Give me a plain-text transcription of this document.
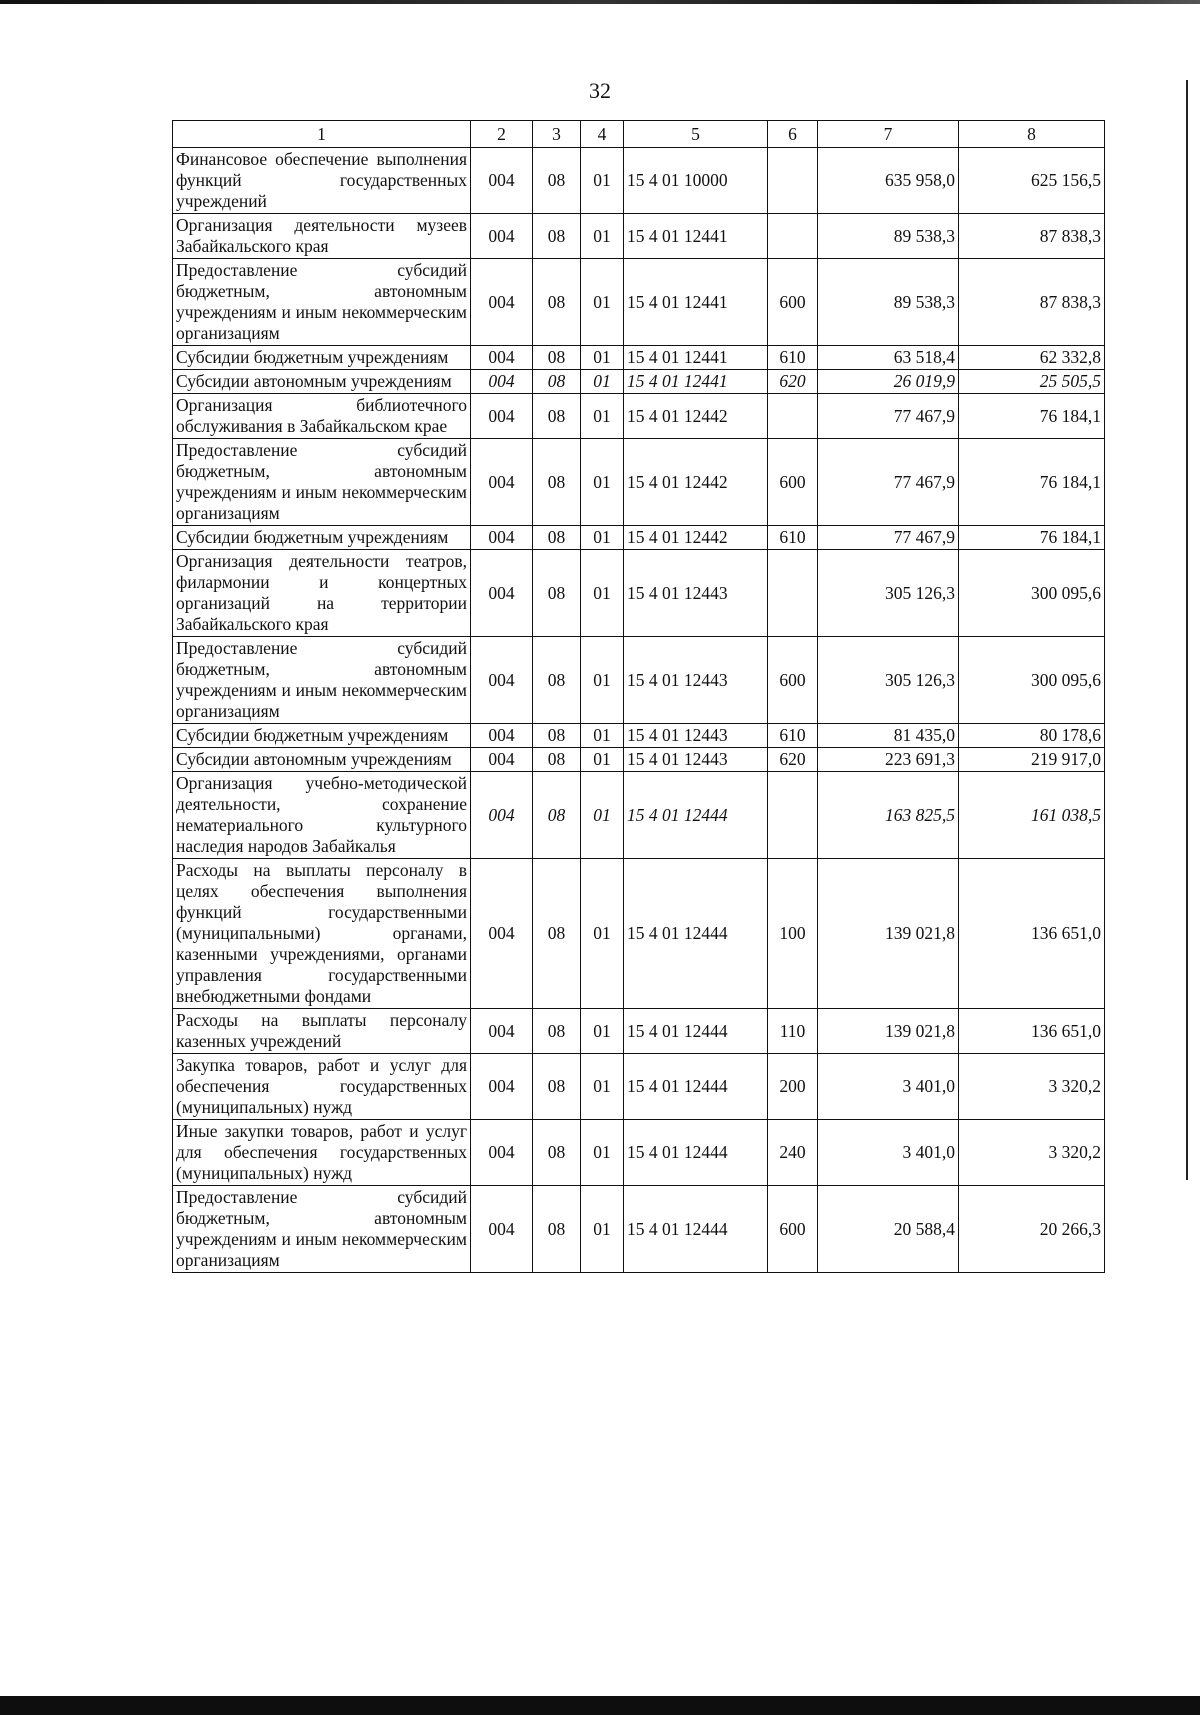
32
1	2	3	4	5	6	7	8
Финансовое обеспечение выполнения функций государственных учреждений	004	08	01	15 4 01 10000		635 958,0	625 156,5
Организация деятельности музеев Забайкальского края	004	08	01	15 4 01 12441		89 538,3	87 838,3
Предоставление субсидий бюджетным, автономным учреждениям и иным некоммерческим организациям	004	08	01	15 4 01 12441	600	89 538,3	87 838,3
Субсидии бюджетным учреждениям	004	08	01	15 4 01 12441	610	63 518,4	62 332,8
Субсидии автономным учреждениям	004	08	01	15 4 01 12441	620	26 019,9	25 505,5
Организация библиотечного обслуживания в Забайкальском крае	004	08	01	15 4 01 12442		77 467,9	76 184,1
Предоставление субсидий бюджетным, автономным учреждениям и иным некоммерческим организациям	004	08	01	15 4 01 12442	600	77 467,9	76 184,1
Субсидии бюджетным учреждениям	004	08	01	15 4 01 12442	610	77 467,9	76 184,1
Организация деятельности театров, филармонии и концертных организаций на территории Забайкальского края	004	08	01	15 4 01 12443		305 126,3	300 095,6
Предоставление субсидий бюджетным, автономным учреждениям и иным некоммерческим организациям	004	08	01	15 4 01 12443	600	305 126,3	300 095,6
Субсидии бюджетным учреждениям	004	08	01	15 4 01 12443	610	81 435,0	80 178,6
Субсидии автономным учреждениям	004	08	01	15 4 01 12443	620	223 691,3	219 917,0
Организация учебно-методической деятельности, сохранение нематериального культурного наследия народов Забайкалья	004	08	01	15 4 01 12444		163 825,5	161 038,5
Расходы на выплаты персоналу в целях обеспечения выполнения функций государственными (муниципальными) органами, казенными учреждениями, органами управления государственными внебюджетными фондами	004	08	01	15 4 01 12444	100	139 021,8	136 651,0
Расходы на выплаты персоналу казенных учреждений	004	08	01	15 4 01 12444	110	139 021,8	136 651,0
Закупка товаров, работ и услуг для обеспечения государственных (муниципальных) нужд	004	08	01	15 4 01 12444	200	3 401,0	3 320,2
Иные закупки товаров, работ и услуг для обеспечения государственных (муниципальных) нужд	004	08	01	15 4 01 12444	240	3 401,0	3 320,2
Предоставление субсидий бюджетным, автономным учреждениям и иным некоммерческим организациям	004	08	01	15 4 01 12444	600	20 588,4	20 266,3
